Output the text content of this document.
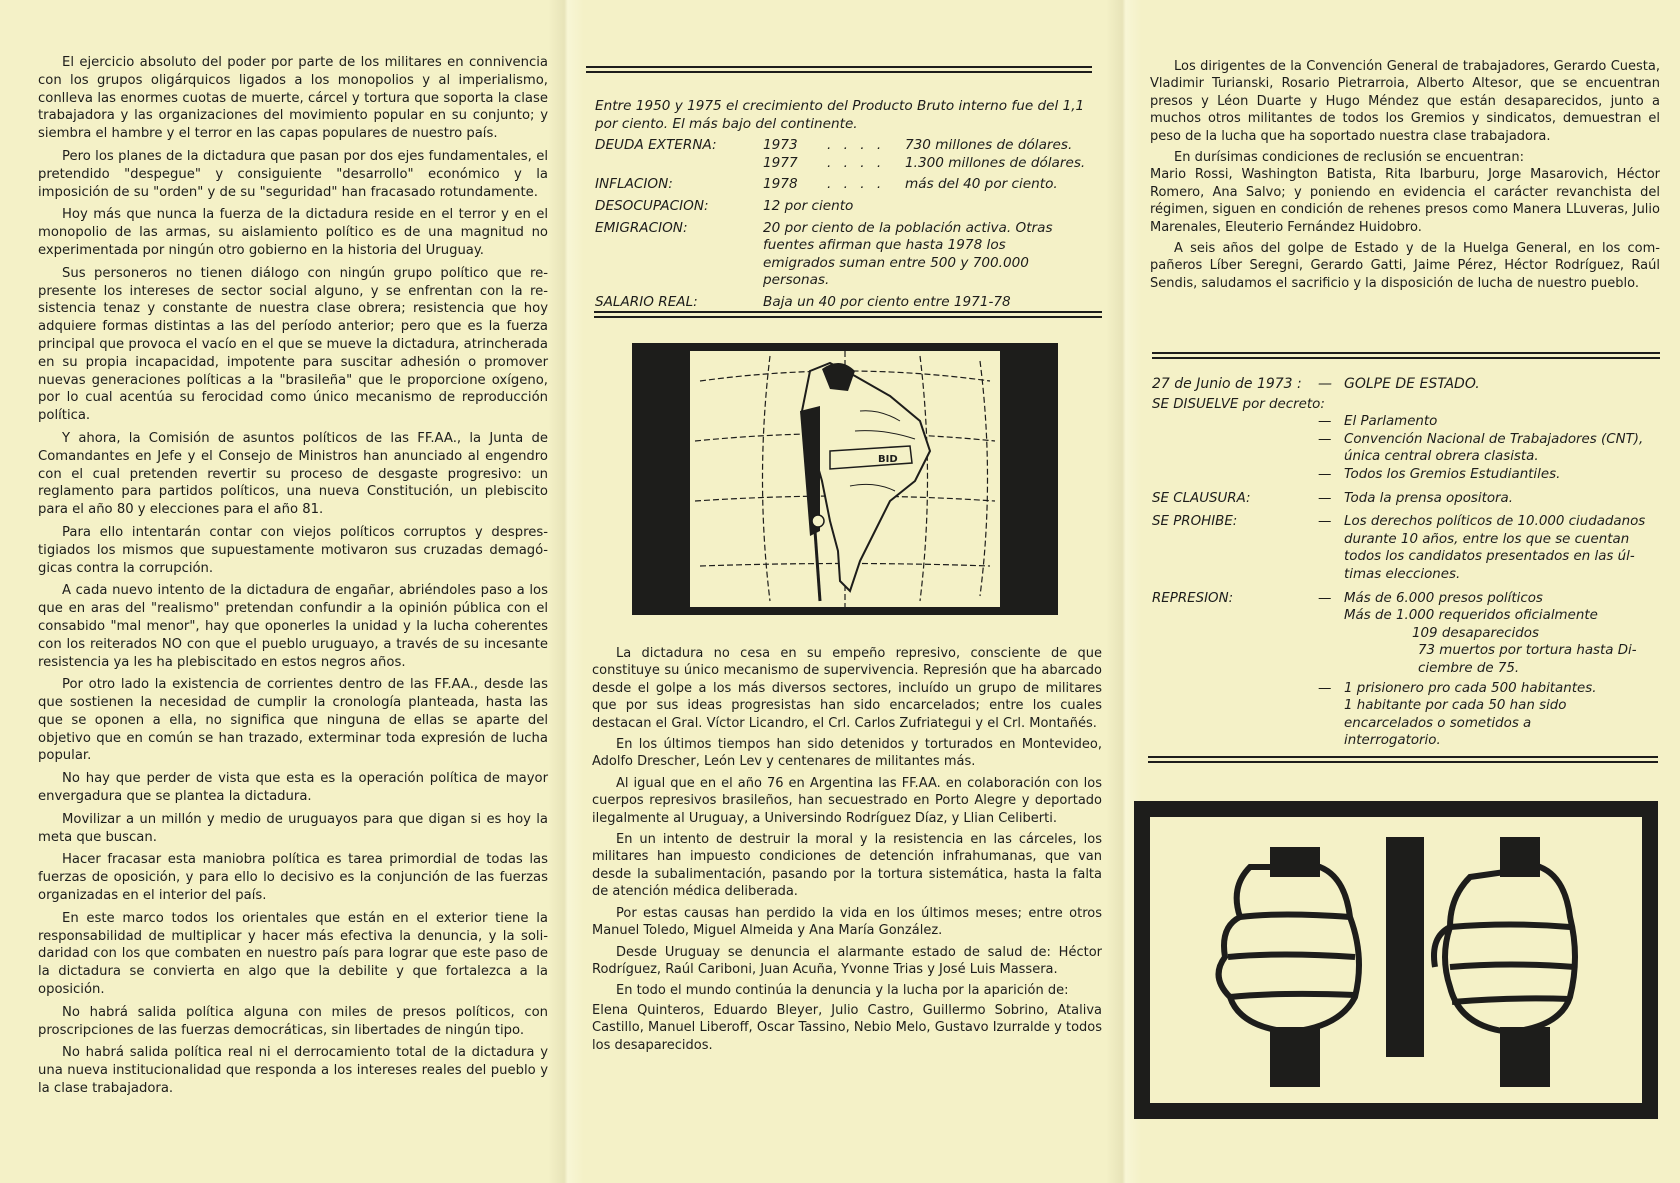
El ejercicio absoluto del poder por parte de los militares en connivencia con los grupos oligárquicos ligados a los monopolios y al imperialismo, conlleva las enormes cuotas de muerte, cárcel y tortura que soporta la clase trabajadora y las organizaciones del movimiento popular en su conjunto; y siembra el hambre y el terror en las capas populares de nuestro país.

Pero los planes de la dictadura que pasan por dos ejes fundamentales, el pretendido "despegue" y consiguiente "desarrollo" económico y la imposición de su "orden" y de su "seguridad" han fracasado rotundamente.

Hoy más que nunca la fuerza de la dictadura reside en el terror y en el monopolio de las armas, su aislamiento político es de una magnitud no experimentada por ningún otro gobierno en la historia del Uruguay.

Sus personeros no tienen diálogo con ningún grupo político que represente los intereses de sector social alguno, y se enfrentan con la resistencia tenaz y constante de nuestra clase obrera; resistencia que hoy adquiere formas distintas a las del período anterior; pero que es la fuerza principal que provoca el vacío en el que se mueve la dictadura, atrincherada en su propia incapacidad, impotente para suscitar adhesión o promover nuevas generaciones políticas a la "brasileña" que le proporcione oxígeno, por lo cual acentúa su ferocidad como único mecanismo de reproducción política.

Y ahora, la Comisión de asuntos políticos de las FF.AA., la Junta de Comandantes en Jefe y el Consejo de Ministros han anunciado al engendro con el cual pretenden revertir su proceso de desgaste progresivo: un reglamento para partidos políticos, una nueva Constitución, un plebiscito para el año 80 y elecciones para el año 81.

Para ello intentarán contar con viejos políticos corruptos y desprestigiados los mismos que supuestamente motivaron sus cruzadas demagógicas contra la corrupción.

A cada nuevo intento de la dictadura de engañar, abriéndoles paso a los que en aras del "realismo" pretendan confundir a la opinión pública con el consabido "mal menor", hay que oponerles la unidad y la lucha coherentes con los reiterados NO con que el pueblo uruguayo, a través de su incesante resistencia ya les ha plebiscitado en estos negros años.

Por otro lado la existencia de corrientes dentro de las FF.AA., desde las que sostienen la necesidad de cumplir la cronología planteada, hasta las que se oponen a ella, no significa que ninguna de ellas se aparte del objetivo que en común se han trazado, exterminar toda expresión de lucha popular.

No hay que perder de vista que esta es la operación política de mayor envergadura que se plantea la dictadura.

Movilizar a un millón y medio de uruguayos para que digan si es hoy la meta que buscan.

Hacer fracasar esta maniobra política es tarea primordial de todas las fuerzas de oposición, y para ello lo decisivo es la conjunción de las fuerzas organizadas en el interior del país.

En este marco todos los orientales que están en el exterior tiene la responsabilidad de multiplicar y hacer más efectiva la denuncia, y la solidaridad con los que combaten en nuestro país para lograr que este paso de la dictadura se convierta en algo que la debilite y que fortalezca a la oposición.

No habrá salida política alguna con miles de presos políticos, con proscripciones de las fuerzas democráticas, sin libertades de ningún tipo.

No habrá salida política real ni el derrocamiento total de la dictadura y una nueva institucionalidad que responda a los intereses reales del pueblo y la clase trabajadora.

Entre 1950 y 1975 el crecimiento del Producto Bruto interno fue del 1,1 por ciento. El más bajo del continente.
DEUDA EXTERNA:	1973	. . . .	730 millones de dólares.
1977	. . . .	1.300 millones de dólares.
INFLACION:	1978	. . . .	más del 40 por ciento.
DESOCUPACION:	12 por ciento
EMIGRACION:	20 por ciento de la población activa. Otras fuentes afirman que hasta 1978 los emigrados suman entre 500 y 700.000 personas.
SALARIO REAL:	Baja un 40 por ciento entre 1971-78
BID

La dictadura no cesa en su empeño represivo, consciente de que constituye su único mecanismo de supervivencia. Represión que ha abarcado desde el golpe a los más diversos sectores, incluído un grupo de militares que por sus ideas progresistas han sido encarcelados; entre los cuales destacan el Gral. Víctor Licandro, el Crl. Carlos Zufriategui y el Crl. Montañés.

En los últimos tiempos han sido detenidos y torturados en Montevideo, Adolfo Drescher, León Lev y centenares de militantes más.

Al igual que en el año 76 en Argentina las FF.AA. en colaboración con los cuerpos represivos brasileños, han secuestrado en Porto Alegre y deportado ilegalmente al Uruguay, a Universindo Rodríguez Díaz, y Llian Celiberti.

En un intento de destruir la moral y la resistencia en las cárceles, los militares han impuesto condiciones de detención infrahumanas, que van desde la subalimentación, pasando por la tortura sistemática, hasta la falta de atención médica deliberada.

Por estas causas han perdido la vida en los últimos meses; entre otros Manuel Toledo, Miguel Almeida y Ana María González.

Desde Uruguay se denuncia el alarmante estado de salud de: Héctor Rodríguez, Raúl Cariboni, Juan Acuña, Yvonne Trias y José Luis Massera.

En todo el mundo continúa la denuncia y la lucha por la aparición de:

Elena Quinteros, Eduardo Bleyer, Julio Castro, Guillermo Sobrino, Ataliva Castillo, Manuel Liberoff, Oscar Tassino, Nebio Melo, Gustavo Izurralde y todos los desaparecidos.

Los dirigentes de la Convención General de trabajadores, Gerardo Cuesta, Vladimir Turianski, Rosario Pietrarroia, Alberto Altesor, que se encuentran presos y Léon Duarte y Hugo Méndez que están desaparecidos, junto a muchos otros militantes de todos los Gremios y sindicatos, demuestran el peso de la lucha que ha soportado nuestra clase trabajadora.

En durísimas condiciones de reclusión se encuentran:

Mario Rossi, Washington Batista, Rita Ibarburu, Jorge Masarovich, Héctor Romero, Ana Salvo; y poniendo en evidencia el carácter revanchista del régimen, siguen en condición de rehenes presos como Manera LLuveras, Julio Marenales, Eleuterio Fernández Huidobro.

A seis años del golpe de Estado y de la Huelga General, en los compañeros Líber Seregni, Gerardo Gatti, Jaime Pérez, Héctor Rodríguez, Raúl Sendis, saludamos el sacrificio y la disposición de lucha de nuestro pueblo.

27 de Junio de 1973 :	— GOLPE DE ESTADO.
SE DISUELVE por decreto:
— El Parlamento
— Convención Nacional de Trabajadores (CNT), única central obrera clasista.
— Todos los Gremios Estudiantiles.
SE CLAUSURA:	— Toda la prensa opositora.
SE PROHIBE:	— Los derechos políticos de 10.000 ciudadanos durante 10 años, entre los que se cuentan todos los candidatos presentados en las últimas elecciones.
REPRESION:	— Más de 6.000 presos políticos
Más de 1.000 requeridos oficialmente
109 desaparecidos
73 muertos por tortura hasta Diciembre de 75.
— 1 prisionero pro cada 500 habitantes.
1 habitante por cada 50 han sido encarcelados o sometidos a interrogatorio.
